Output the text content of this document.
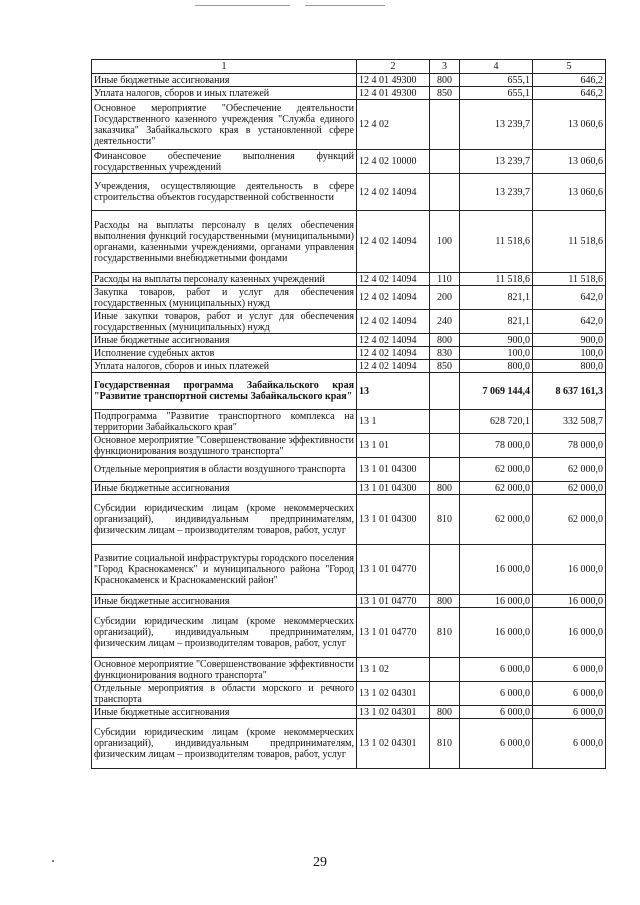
1	2	3	4	5
Иные бюджетные ассигнования	12 4 01 49300	800	655,1	646,2
Уплата налогов, сборов и иных платежей	12 4 01 49300	850	655,1	646,2
Основное мероприятие "Обеспечение деятельности Государственного казенного учреждения "Служба единого заказчика" Забайкальского края в установленной сфере деятельности"	12 4 02		13 239,7	13 060,6
Финансовое обеспечение выполнения функций государственных учреждений	12 4 02 10000		13 239,7	13 060,6
Учреждения, осуществляющие деятельность в сфере строительства объектов государственной собственности	12 4 02 14094		13 239,7	13 060,6
Расходы на выплаты персоналу в целях обеспечения выполнения функций государственными (муниципальными) органами, казенными учреждениями, органами управления государственными внебюджетными фондами	12 4 02 14094	100	11 518,6	11 518,6
Расходы на выплаты персоналу казенных учреждений	12 4 02 14094	110	11 518,6	11 518,6
Закупка товаров, работ и услуг для обеспечения государственных (муниципальных) нужд	12 4 02 14094	200	821,1	642,0
Иные закупки товаров, работ и услуг для обеспечения государственных (муниципальных) нужд	12 4 02 14094	240	821,1	642,0
Иные бюджетные ассигнования	12 4 02 14094	800	900,0	900,0
Исполнение судебных актов	12 4 02 14094	830	100,0	100,0
Уплата налогов, сборов и иных платежей	12 4 02 14094	850	800,0	800,0
Государственная программа Забайкальского края "Развитие транспортной системы Забайкальского края"	13		7 069 144,4	8 637 161,3
Подпрограмма "Развитие транспортного комплекса на территории Забайкальского края"	13 1		628 720,1	332 508,7
Основное мероприятие "Совершенствование эффективности функционирования воздушного транспорта"	13 1 01		78 000,0	78 000,0
Отдельные мероприятия в области воздушного транспорта	13 1 01 04300		62 000,0	62 000,0
Иные бюджетные ассигнования	13 1 01 04300	800	62 000,0	62 000,0
Субсидии юридическим лицам (кроме некоммерческих организаций), индивидуальным предпринимателям, физическим лицам – производителям товаров, работ, услуг	13 1 01 04300	810	62 000,0	62 000,0
Развитие социальной инфраструктуры городского поселения "Город Краснокаменск" и муниципального района "Город Краснокаменск и Краснокаменский район"	13 1 01 04770		16 000,0	16 000,0
Иные бюджетные ассигнования	13 1 01 04770	800	16 000,0	16 000,0
Субсидии юридическим лицам (кроме некоммерческих организаций), индивидуальным предпринимателям, физическим лицам – производителям товаров, работ, услуг	13 1 01 04770	810	16 000,0	16 000,0
Основное мероприятие "Совершенствование эффективности функционирования водного транспорта"	13 1 02		6 000,0	6 000,0
Отдельные мероприятия в области морского и речного транспорта	13 1 02 04301		6 000,0	6 000,0
Иные бюджетные ассигнования	13 1 02 04301	800	6 000,0	6 000,0
Субсидии юридическим лицам (кроме некоммерческих организаций), индивидуальным предпринимателям, физическим лицам – производителям товаров, работ, услуг	13 1 02 04301	810	6 000,0	6 000,0
29
